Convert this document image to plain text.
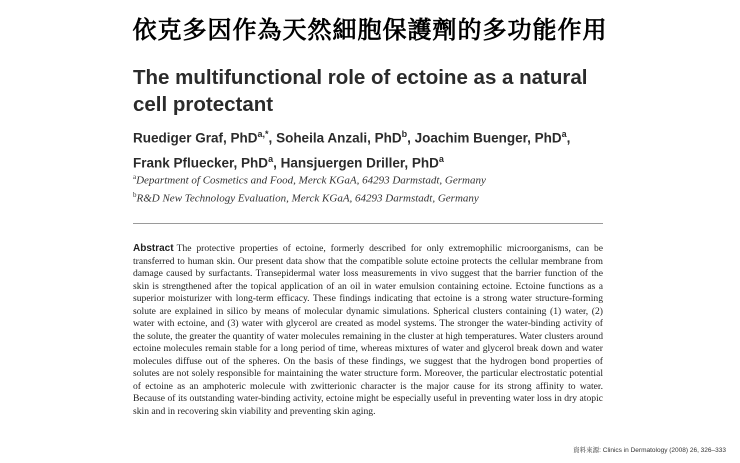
依克多因作為天然細胞保護劑的多功能作用
The multifunctional role of ectoine as a natural
cell protectant
Ruediger Graf, PhD$^{a,*}$, Soheila Anzali, PhD$^b$, Joachim Buenger, PhD$^a$,
Frank Pfluecker, PhD$^a$, Hansjuergen Driller, PhD$^a$
$^a$Department of Cosmetics and Food, Merck KGaA, 64293 Darmstadt, Germany
$^b$R&D New Technology Evaluation, Merck KGaA, 64293 Darmstadt, Germany
Abstract The protective properties of ectoine, formerly described for only extremophilic microorganisms, can be transferred to human skin. Our present data show that the compatible solute ectoine protects the cellular membrane from damage caused by surfactants. Transepidermal water loss measurements in vivo suggest that the barrier function of the skin is strengthened after the topical application of an oil in water emulsion containing ectoine. Ectoine functions as a superior moisturizer with long-term efficacy. These findings indicating that ectoine is a strong water structure-forming solute are explained in silico by means of molecular dynamic simulations. Spherical clusters containing (1) water, (2) water with ectoine, and (3) water with glycerol are created as model systems. The stronger the water-binding activity of the solute, the greater the quantity of water molecules remaining in the cluster at high temperatures. Water clusters around ectoine molecules remain stable for a long period of time, whereas mixtures of water and glycerol break down and water molecules diffuse out of the spheres. On the basis of these findings, we suggest that the hydrogen bond properties of solutes are not solely responsible for maintaining the water structure form. Moreover, the particular electrostatic potential of ectoine as an amphoteric molecule with zwitterionic character is the major cause for its strong affinity to water. Because of its outstanding water-binding activity, ectoine might be especially useful in preventing water loss in dry atopic skin and in recovering skin viability and preventing skin aging.
資料來源: Clinics in Dermatology (2008) 26, 326–333
